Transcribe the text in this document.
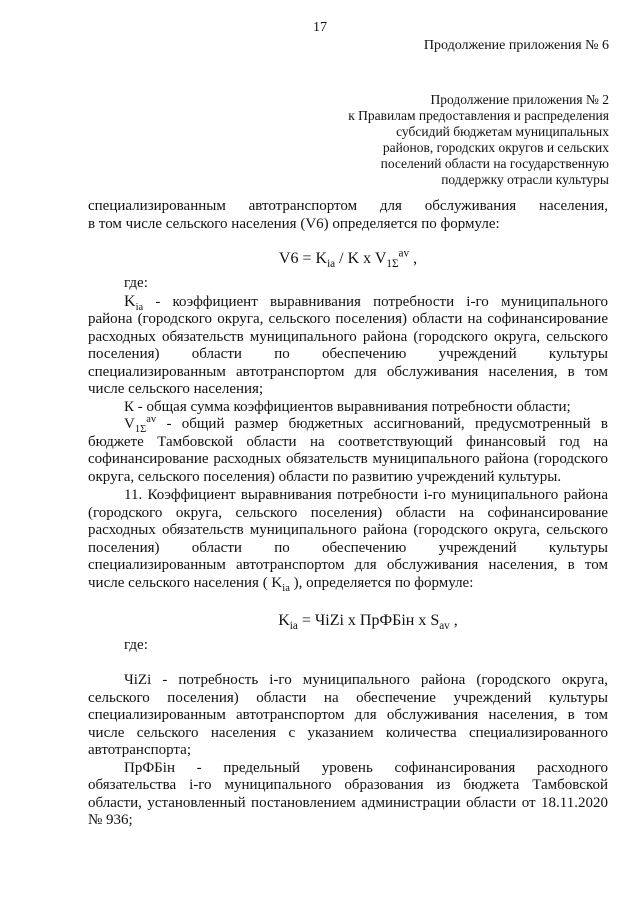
17
Продолжение приложения № 6
Продолжение приложения № 2
к Правилам предоставления и распределения
субсидий бюджетам муниципальных
районов, городских округов и сельских
поселений области на государственную
поддержку отрасли культуры

специализированным автотранспортом для обслуживания населения,

в том числе сельского населения (V6) определяется по формуле:

$V6 = K_{ia} / K$ x $V_{1\Sigma}^{av}$ ,

где:

$K_{ia}$ - коэффициент выравнивания потребности i-го муниципального

района (городского округа, сельского поселения) области на софинансирование

расходных обязательств муниципального района (городского округа, сельского

поселения) области по обеспечению учреждений культуры

специализированным автотранспортом для обслуживания населения, в том

числе сельского населения;

К - общая сумма коэффициентов выравнивания потребности области;

$V_{1\Sigma}^{av}$ - общий размер бюджетных ассигнований, предусмотренный в

бюджете Тамбовской области на соответствующий финансовый год на

софинансирование расходных обязательств муниципального района (городского

округа, сельского поселения) области по развитию учреждений культуры.

11. Коэффициент выравнивания потребности i-го муниципального района

(городского округа, сельского поселения) области на софинансирование

расходных обязательств муниципального района (городского округа, сельского

поселения) области по обеспечению учреждений культуры

специализированным автотранспортом для обслуживания населения, в том

числе сельского населения ( $K_{ia}$ ), определяется по формуле:

$K_{ia}$ = ЧiZi x ПрФБiн x $S_{av}$ ,

где:

ЧiZi - потребность i-го муниципального района (городского округа,

сельского поселения) области на обеспечение учреждений культуры

специализированным автотранспортом для обслуживания населения, в том

числе сельского населения с указанием количества специализированного

автотранспорта;

ПрФБiн - предельный уровень софинансирования расходного

обязательства i-го муниципального образования из бюджета Тамбовской

области, установленный постановлением администрации области от 18.11.2020

№ 936;
